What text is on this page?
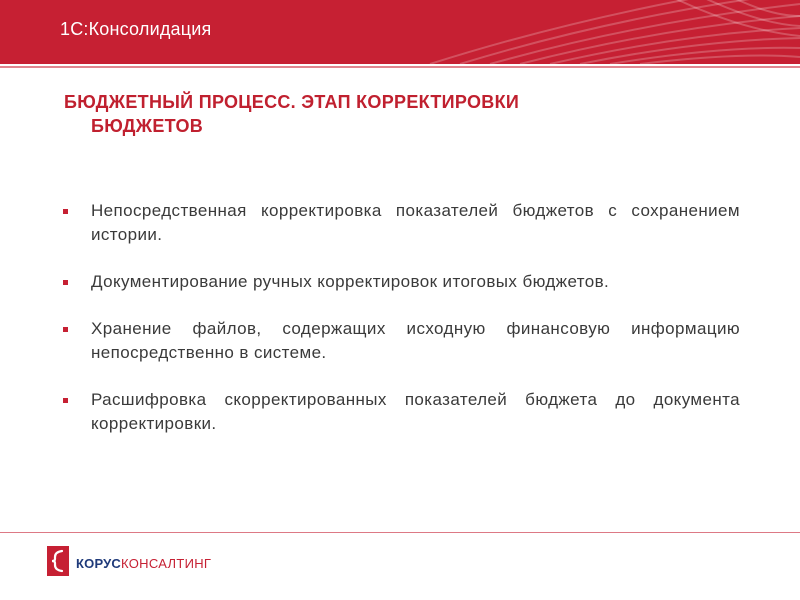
1С:Консолидация
БЮДЖЕТНЫЙ ПРОЦЕСС. ЭТАП КОРРЕКТИРОВКИ
БЮДЖЕТОВ
Непосредственная корректировка показателей бюджетов с сохранением истории.
Документирование ручных корректировок итоговых бюджетов.
Хранение файлов, содержащих исходную финансовую информацию непосредственно в системе.
Расшифровка скорректированных показателей бюджета до документа корректировки.
КОРУСКОНСАЛТИНГ
